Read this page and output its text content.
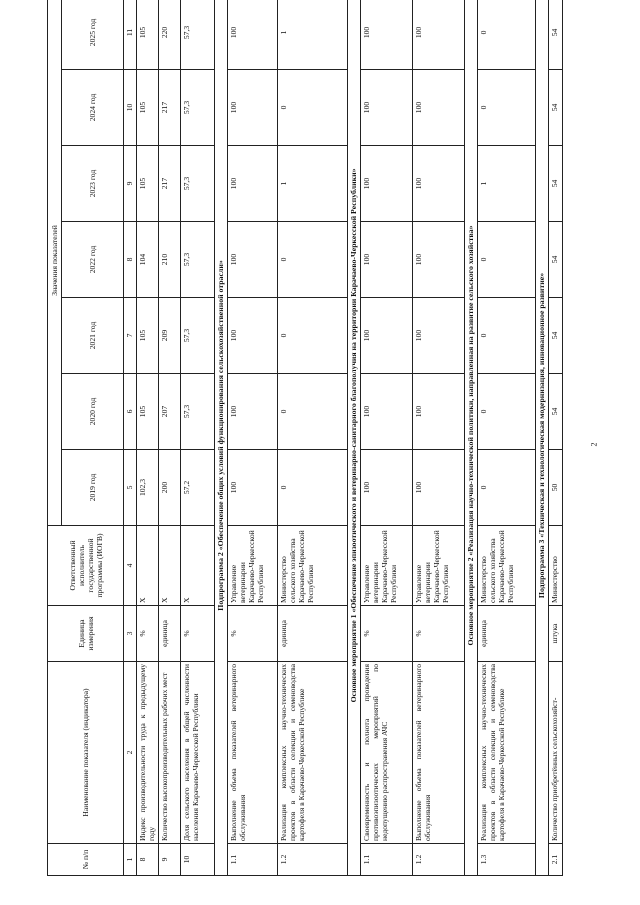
№ п/п	Наименование показателя (индикатора)	Единица измерения	Ответственный исполнитель государственной программы (ИОГВ)	Значения показателей						
				2019 год	2020 год	2021 год	2022 год	2023 год	2024 год	2025 год
1	2	3	4	5	6	7	8	9	10	11
8	Индекс производительности труда к предыдущему году	%	Х	102,3	105	105	104	105	105	105
9	Количество высокопроизводительных рабочих мест	единица	Х	200	207	209	210	217	217	220
10	Доля сельского населения в общей численности населения Карачаево-Черкесской Республики	%	Х	57,2	57,3	57,3	57,3	57,3	57,3	57,3
Подпрограмма 2 «Обеспечение общих условий функционирования сельскохозяйственной отрасли»										
1.1	Выполнение объема показателей ветеринарного обслуживания	%	Управление ветеринарии Карачаево-Черкесской Республики	100	100	100	100	100	100	100
1.2	Реализация комплексных научно-технических проектов в области селекции и семеноводства картофеля в Карачаево-Черкесской Республике	единица	Министерство сельского хозяйства Карачаево-Черкесской Республики	0	0	0	0	1	0	1
Основное мероприятие 1 «Обеспечение эпизоотического и ветеринарно-санитарного благополучия на территории Карачаево-Черкесской Республики»										
1.1	Своевременность и полнота проведения противоэпизоотических мероприятий по недопущению распространения АЧС	%	Управление ветеринарии Карачаево-Черкесской Республики	100	100	100	100	100	100	100
1.2	Выполнение объема показателей ветеринарного обслуживания	%	Управление ветеринарии Карачаево-Черкесской Республики	100	100	100	100	100	100	100
Основное мероприятие 2 «Реализация научно-технической политики, направленная на развитие сельского хозяйства»										
1.3	Реализация комплексных научно-технических проектов в области селекции и семеноводства картофеля в Карачаево-Черкесской Республике	единица	Министерство сельского хозяйства Карачаево-Черкесской Республики	0	0	0	0	1	0	0
Подпрограмма 3 «Техническая и технологическая модернизация, инновационное развитие»										
2.1	Количество приобретённых сельскохозяйст-	штука	Министерство	50	54	54	54	54	54	54
2
